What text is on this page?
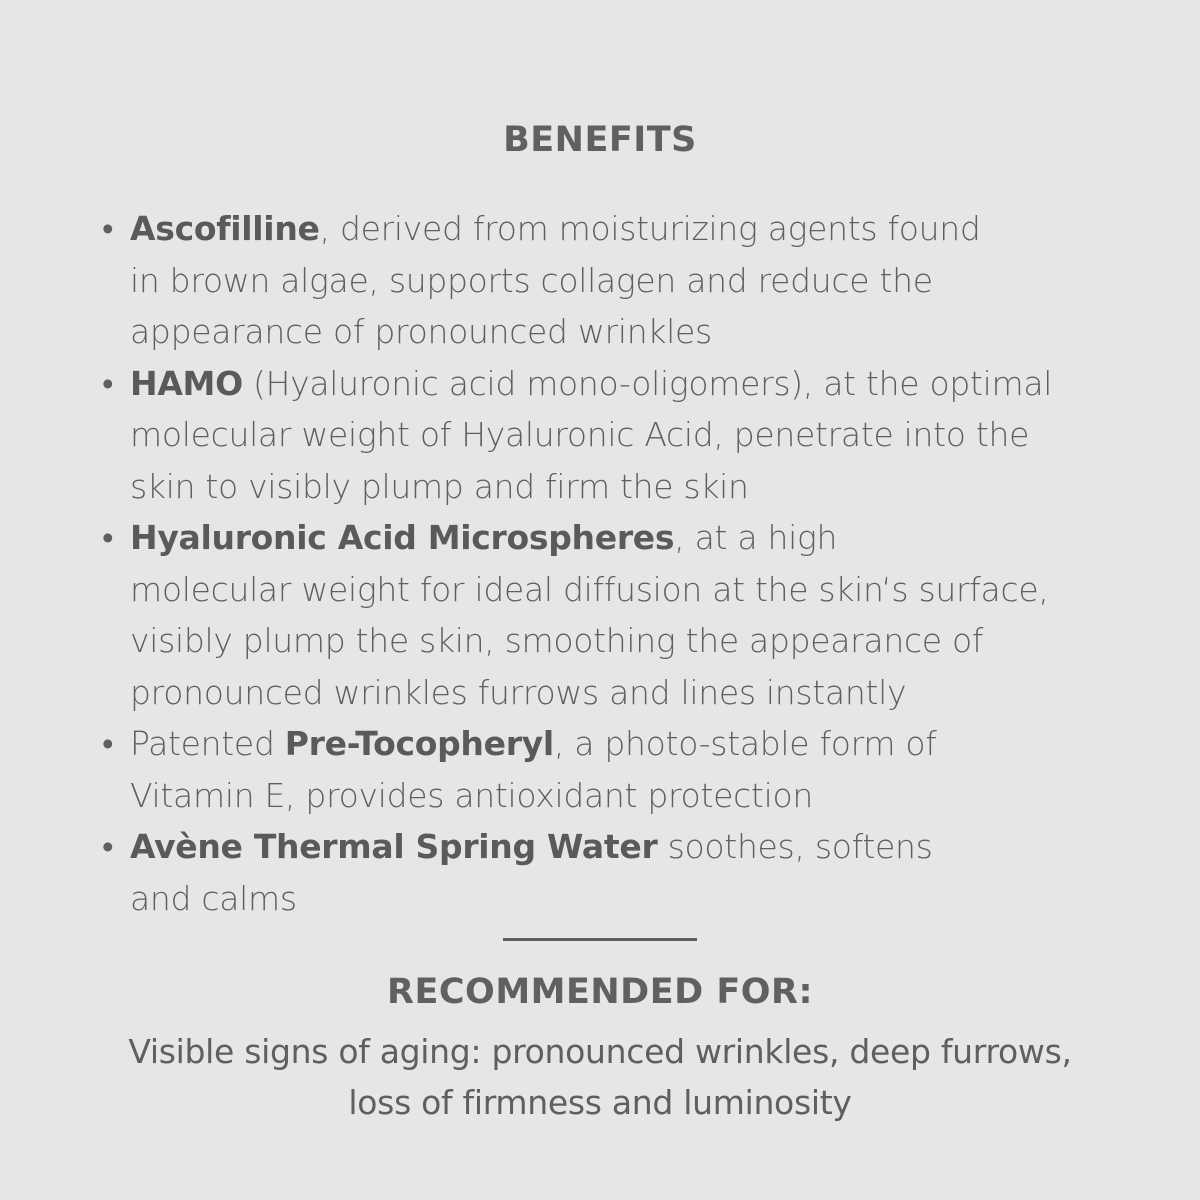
BENEFITS
• Ascofilline, derived from moisturizing agents found
in brown algae, supports collagen and reduce the
appearance of pronounced wrinkles
• HAMO (Hyaluronic acid mono-oligomers), at the optimal
molecular weight of Hyaluronic Acid, penetrate into the
skin to visibly plump and firm the skin
• Hyaluronic Acid Microspheres, at a high
molecular weight for ideal diffusion at the skin‘s surface,
visibly plump the skin, smoothing the appearance of
pronounced wrinkles furrows and lines instantly
• Patented Pre-Tocopheryl, a photo-stable form of
Vitamin E, provides antioxidant protection
• Avène Thermal Spring Water soothes, softens
and calms
RECOMMENDED FOR:

Visible signs of aging: pronounced wrinkles, deep furrows,
loss of firmness and luminosity
